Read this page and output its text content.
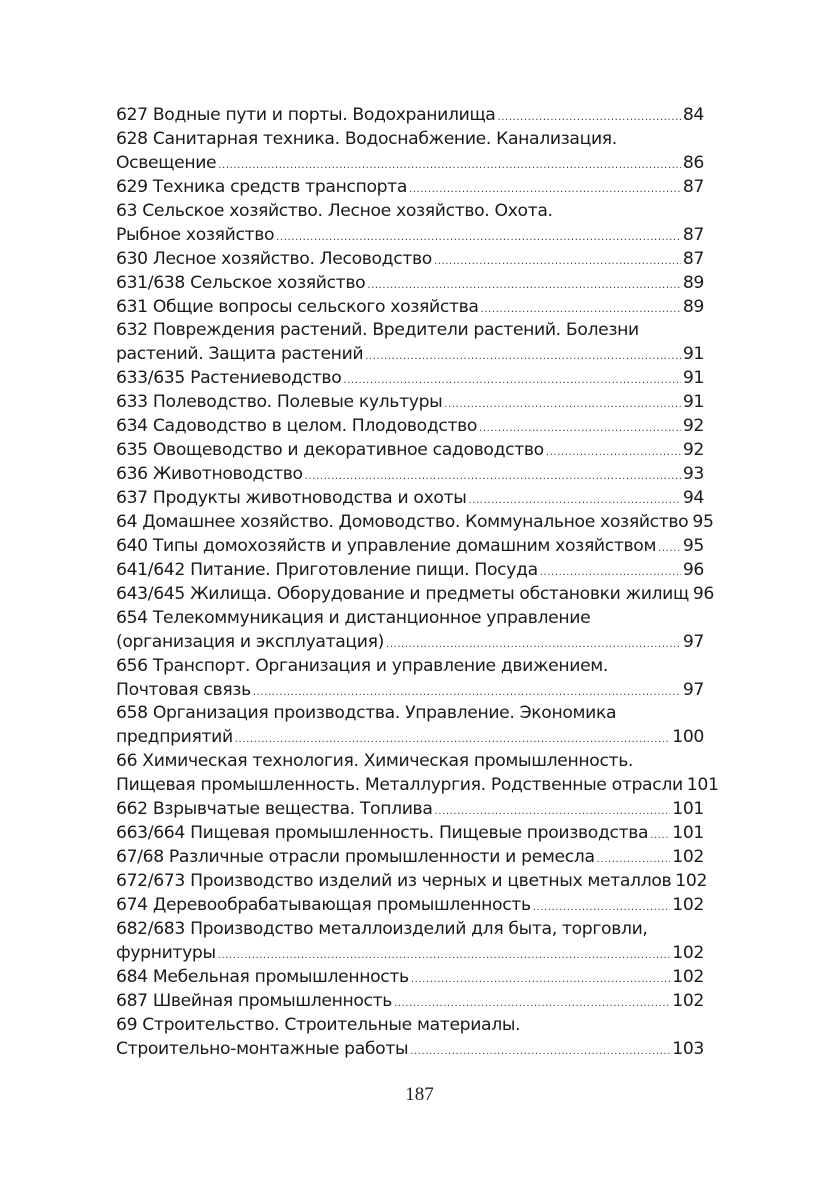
627 Водные пути и порты. Водохранилища .....	84
628 Санитарная техника. Водоснабжение. Канализация.
Освещение .....	86
629 Техника средств транспорта .....	87
63 Сельское хозяйство. Лесное хозяйство. Охота.
Рыбное хозяйство .....	87
630 Лесное хозяйство. Лесоводство .....	87
631/638 Сельское хозяйство .....	89
631 Общие вопросы сельского хозяйства .....	89
632 Повреждения растений. Вредители растений. Болезни
растений. Защита растений .....	91
633/635 Растениеводство .....	91
633 Полеводство. Полевые культуры .....	91
634 Садоводство в целом. Плодоводство .....	92
635 Овощеводство и декоративное садоводство .....	92
636 Животноводство .....	93
637 Продукты животноводства и охоты .....	94
64 Домашнее хозяйство. Домоводство. Коммунальное хозяйство 95
640 Типы домохозяйств и управление домашним хозяйством ..... 95
641/642 Питание. Приготовление пищи. Посуда .....	96
643/645 Жилища. Оборудование и предметы обстановки жилищ 96
654 Телекоммуникация и дистанционное управление
(организация и эксплуатация) .....	97
656 Транспорт. Организация и управление движением.
Почтовая связь .....	97
658 Организация производства. Управление. Экономика
предприятий .....	100
66 Химическая технология. Химическая промышленность.
Пищевая промышленность. Металлургия. Родственные отрасли 101
662 Взрывчатые вещества. Топлива .....	101
663/664 Пищевая промышленность. Пищевые производства ..... 101
67/68 Различные отрасли промышленности и ремесла .....	102
672/673 Производство изделий из черных и цветных металлов 102
674 Деревообрабатывающая промышленность .....	102
682/683 Производство металлоизделий для быта, торговли,
фурнитуры .....	102
684 Мебельная промышленность .....	102
687 Швейная промышленность .....	102
69 Строительство. Строительные материалы.
Строительно-монтажные работы .....	103
187
